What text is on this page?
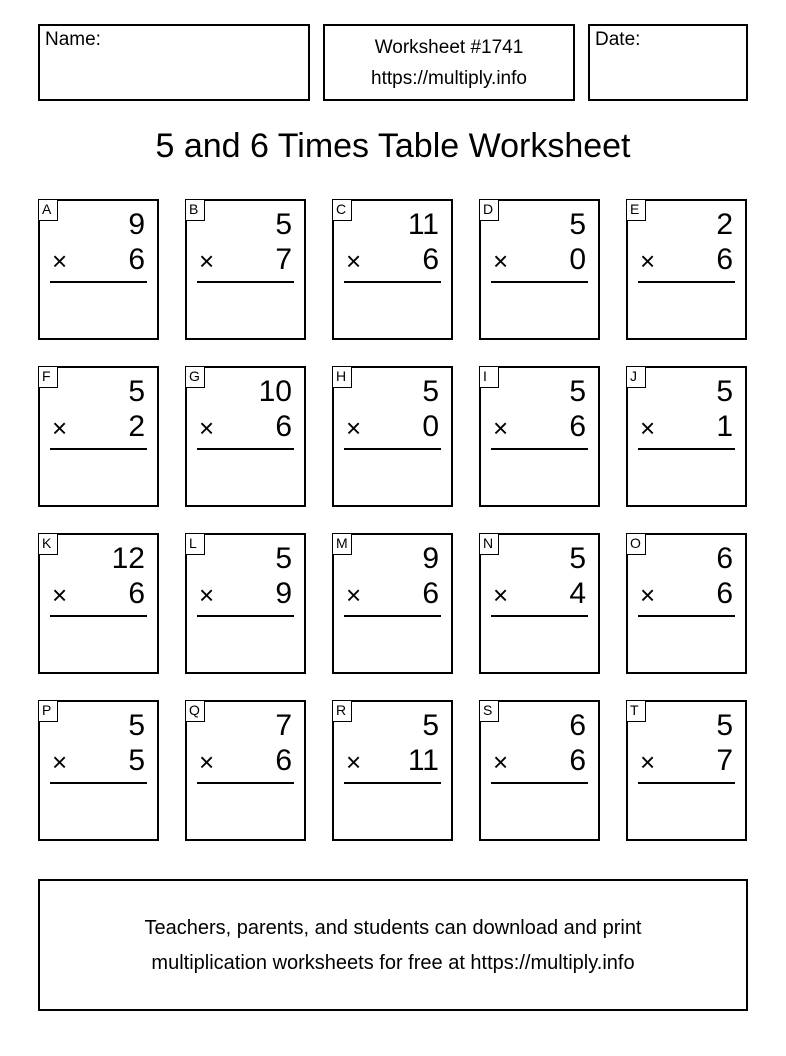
Name:	Worksheet #1741
https://multiply.info
Date:
5 and 6 Times Table Worksheet
A	9
× 6
B	5
× 7
C 11
× 6
D	5
× 0
E	2
× 6
F	5
× 2
G 10
× 6
H	5
× 0
I	5
× 6
J	5
× 1
K 12
× 6
L	5
× 9
M 9
× 6
N	5
× 4
O	6
× 6
P	5
× 5
Q	7
× 6
R	5
× 11
S	6
× 6
T	5
× 7
Teachers, parents, and students can download and print
multiplication worksheets for free at https://multiply.info
